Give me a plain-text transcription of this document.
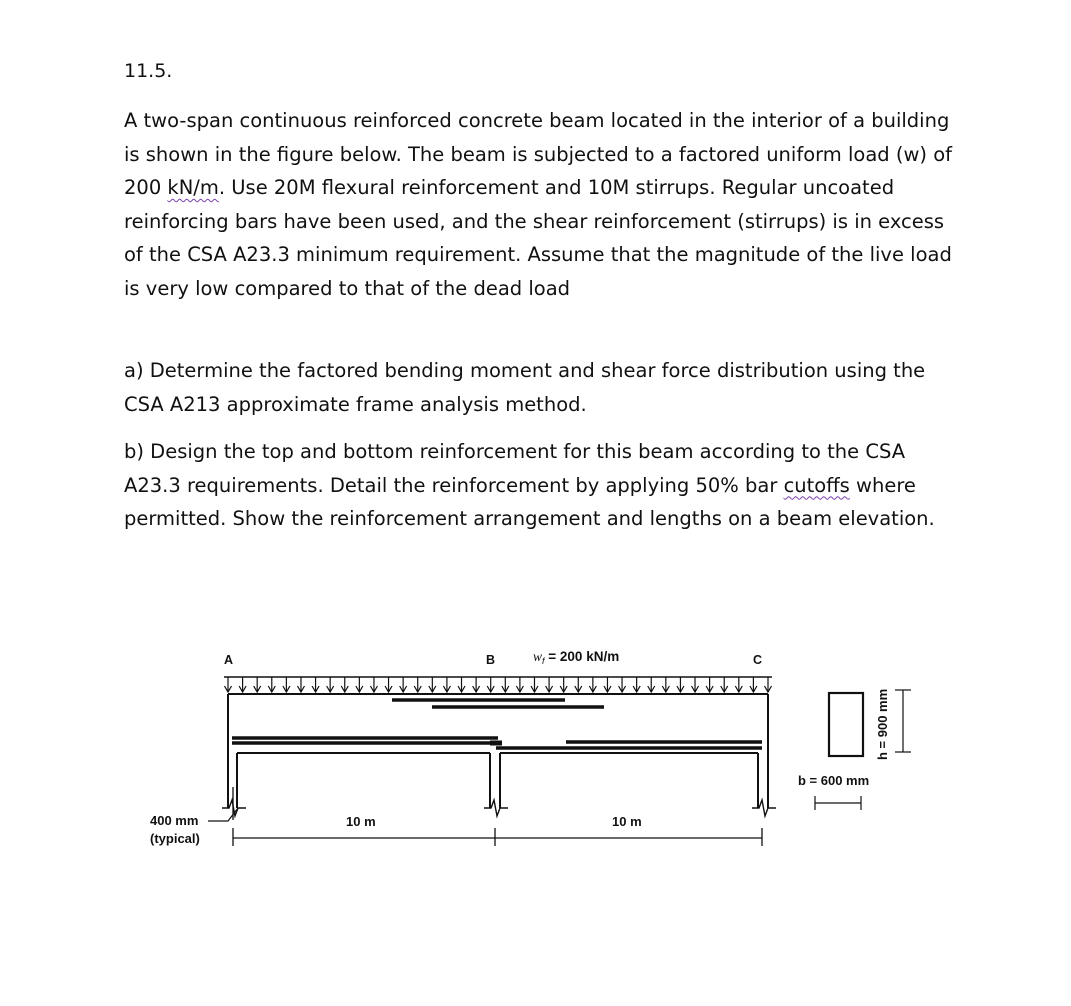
11.5.

A two-span continuous reinforced concrete beam located in the interior of a building is shown in the figure below. The beam is subjected to a factored uniform load (w) of 200 kN/m. Use 20M flexural reinforcement and 10M stirrups. Regular uncoated reinforcing bars have been used, and the shear reinforcement (stirrups) is in excess of the CSA A23.3 minimum requirement. Assume that the magnitude of the live load is very low compared to that of the dead load

a) Determine the factored bending moment and shear force distribution using the CSA A213 approximate frame analysis method.

b) Design the top and bottom reinforcement for this beam according to the CSA A23.3 requirements. Detail the reinforcement by applying 50% bar cutoffs where permitted. Show the reinforcement arrangement and lengths on a beam elevation.

A	B	C
$w_f = 200$ kN/m
10 m	10 m
400 mm
(typical)
h = 900 mm
b = 600 mm
